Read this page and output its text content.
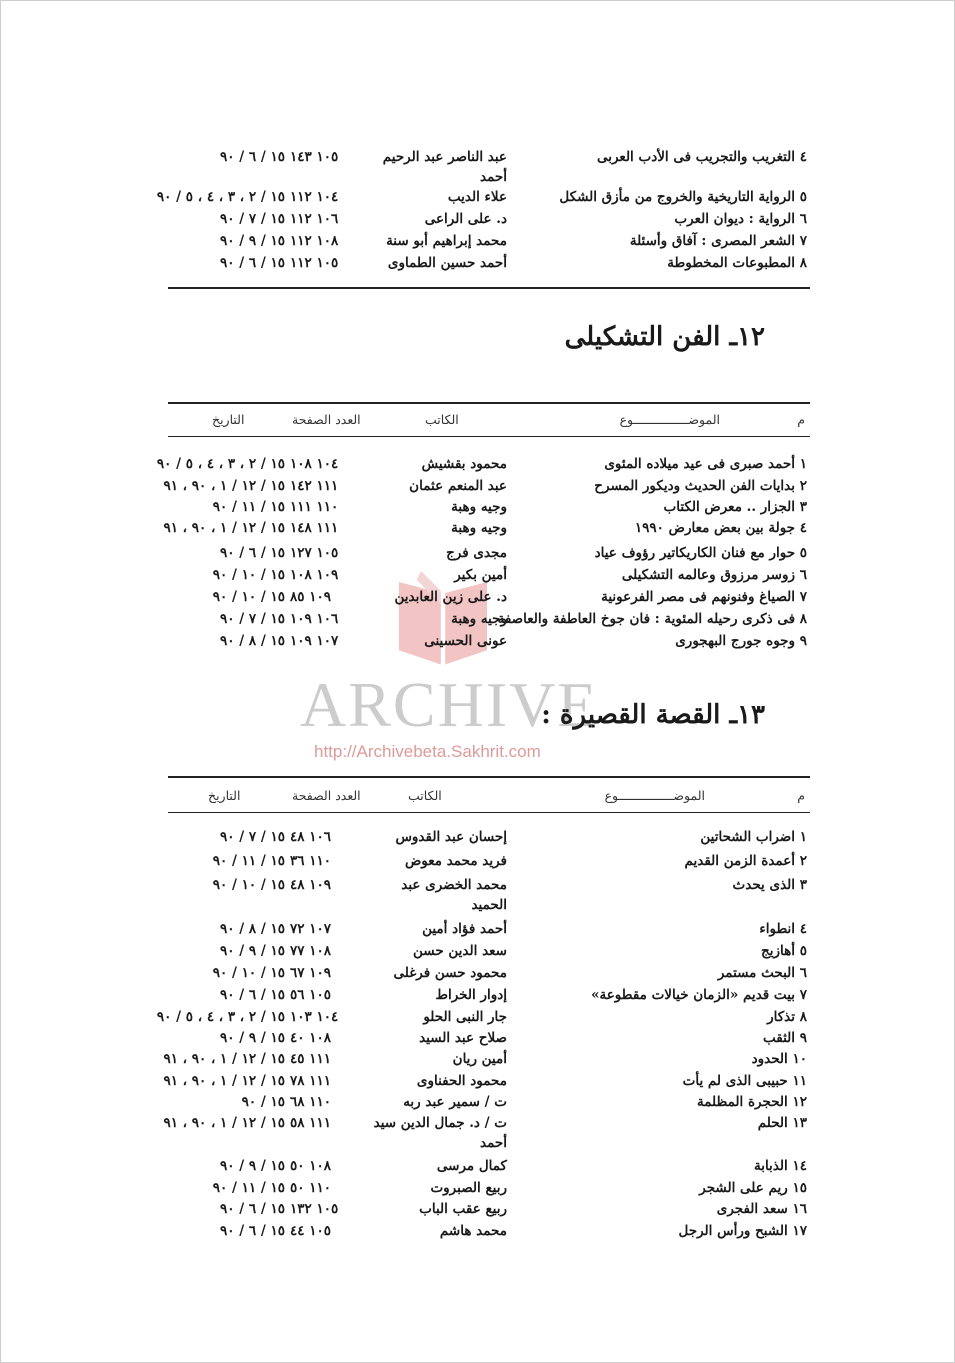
ARCHIVE
http://Archivebeta.Sakhrit.com
٤ التغريب والتجريب فى الأدب العربى
عبد الناصر عبد الرحيم
١٠٥ ١٤٣
١٥ / ٦ / ٩٠
أحمد
٥ الرواية التاريخية والخروج من مأزق الشكل
علاء الديب
١٠٤ ١١٢
١٥ / ٢ ، ٣ ، ٤ ، ٥ / ٩٠
٦ الرواية : ديوان العرب
د. على الراعى
١٠٦ ١١٢
١٥ / ٧ / ٩٠
٧ الشعر المصرى : آفاق وأسئلة
محمد إبراهيم أبو سنة
١٠٨ ١١٢
١٥ / ٩ / ٩٠
٨ المطبوعات المخطوطة
أحمد حسين الطماوى
١٠٥ ١١٢
١٥ / ٦ / ٩٠
١٢ـ الفن التشكيلى
م
الموضـــــــــــــــوع
الكاتب
العدد الصفحة
التاريخ
١ أحمد صبرى فى عيد ميلاده المئوى
محمود بقشيش
١٠٤ ١٠٨
١٥ / ٢ ، ٣ ، ٤ ، ٥ / ٩٠
٢ بدايات الفن الحديث وديكور المسرح
عبد المنعم عثمان
١١١ ١٤٢
١٥ / ١٢ / ١ ، ٩٠ ، ٩١
٣ الجزار .. معرض الكتاب
وجيه وهبة
١١٠ ١١١
١٥ / ١١ / ٩٠
٤ جولة بين بعض معارض ١٩٩٠
وجيه وهبة
١١١ ١٤٨
١٥ / ١٢ / ١ ، ٩٠ ، ٩١
٥ حوار مع فنان الكاريكاتير رؤوف عياد
مجدى فرج
١٠٥ ١٢٧
١٥ / ٦ / ٩٠
٦ زوسر مرزوق وعالمه التشكيلى
أمين بكير
١٠٩ ١٠٨
١٥ / ١٠ / ٩٠
٧ الصياغ وفنونهم فى مصر الفرعونية
د. على زين العابدين
١٠٩ ٨٥
١٥ / ١٠ / ٩٠
٨ فى ذكرى رحيله المئوية : فان جوخ العاطفة والعاصفة
وجيه وهبة
١٠٦ ١٠٩
١٥ / ٧ / ٩٠
٩ وجوه جورج البهجورى
عونى الحسينى
١٠٧ ١٠٩
١٥ / ٨ / ٩٠
١٣ـ القصة القصيرة :
م
الموضـــــــــــــــوع
الكاتب
العدد الصفحة
التاريخ
١ اضراب الشحاتين
إحسان عبد القدوس
١٠٦ ٤٨
١٥ / ٧ / ٩٠
٢ أعمدة الزمن القديم
فريد محمد معوض
١١٠ ٣٦
١٥ / ١١ / ٩٠
٣ الذى يحدث
محمد الخضرى عبد
١٠٩ ٤٨
١٥ / ١٠ / ٩٠
الحميد
٤ انطواء
أحمد فؤاد أمين
١٠٧ ٧٢
١٥ / ٨ / ٩٠
٥ أهازيج
سعد الدين حسن
١٠٨ ٧٧
١٥ / ٩ / ٩٠
٦ البحث مستمر
محمود حسن فرغلى
١٠٩ ٦٧
١٥ / ١٠ / ٩٠
٧ بيت قديم «الزمان خيالات مقطوعة»
إدوار الخراط
١٠٥ ٥٦
١٥ / ٦ / ٩٠
٨ تذكار
جار النبى الحلو
١٠٤ ١٠٣
١٥ / ٢ ، ٣ ، ٤ ، ٥ / ٩٠
٩ الثقب
صلاح عبد السيد
١٠٨ ٤٠
١٥ / ٩ / ٩٠
١٠ الحدود
أمين ريان
١١١ ٤٥
١٥ / ١٢ / ١ ، ٩٠ ، ٩١
١١ حبيبى الذى لم يأت
محمود الحفناوى
١١١ ٧٨
١٥ / ١٢ / ١ ، ٩٠ ، ٩١
١٢ الحجرة المظلمة
ت / سمير عبد ربه
١١٠ ٦٨
١٥ / ٩٠
١٣ الحلم
ت / د. جمال الدين سيد
١١١ ٥٨
١٥ / ١٢ / ١ ، ٩٠ ، ٩١
أحمد
١٤ الذبابة
كمال مرسى
١٠٨ ٥٠
١٥ / ٩ / ٩٠
١٥ ريم على الشجر
ربيع الصبروت
١١٠ ٥٠
١٥ / ١١ / ٩٠
١٦ سعد الفجرى
ربيع عقب الباب
١٠٥ ١٣٢
١٥ / ٦ / ٩٠
١٧ الشبح ورأس الرجل
محمد هاشم
١٠٥ ٤٤
١٥ / ٦ / ٩٠
